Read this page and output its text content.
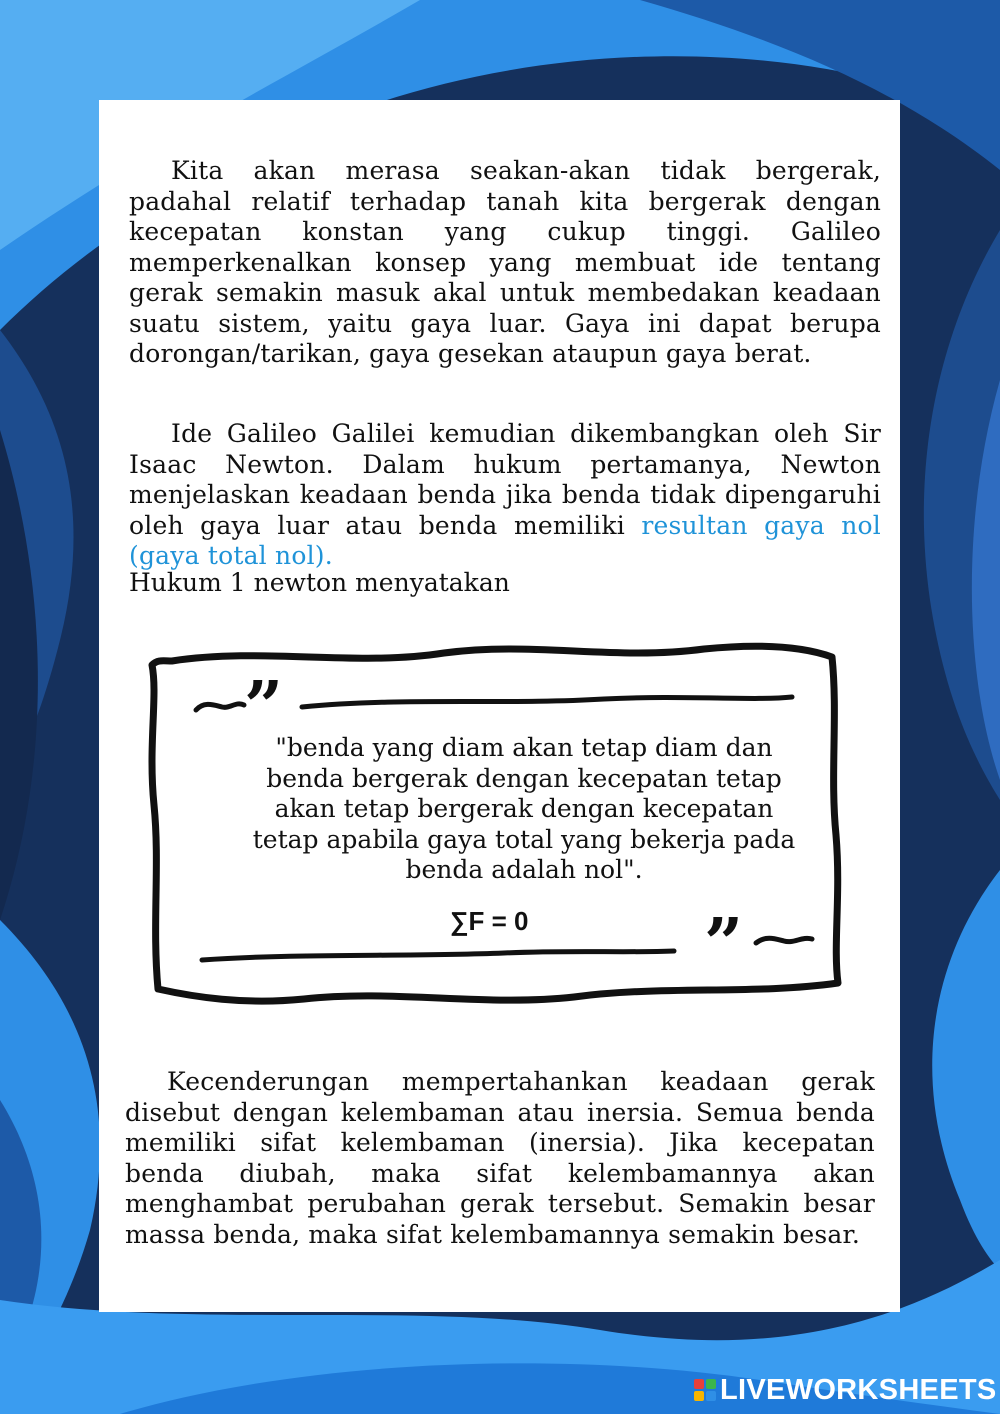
Kita akan merasa seakan-akan tidak bergerak, padahal relatif terhadap tanah kita bergerak dengan kecepatan konstan yang cukup tinggi. Galileo memperkenalkan konsep yang membuat ide tentang gerak semakin masuk akal untuk membedakan keadaan suatu sistem, yaitu gaya luar. Gaya ini dapat berupa dorongan/tarikan, gaya gesekan ataupun gaya berat.

Ide Galileo Galilei kemudian dikembangkan oleh Sir Isaac Newton. Dalam hukum pertamanya, Newton menjelaskan keadaan benda jika benda tidak dipengaruhi oleh gaya luar atau benda memiliki resultan gaya nol (gaya total nol).

Hukum 1 newton menyatakan

”
”

"benda yang diam akan tetap diam dan benda bergerak dengan kecepatan tetap akan tetap bergerak dengan kecepatan tetap apabila gaya total yang bekerja pada benda adalah nol".

∑F = 0

Kecenderungan mempertahankan keadaan gerak disebut dengan kelembaman atau inersia. Semua benda memiliki sifat kelembaman (inersia). Jika kecepatan benda diubah, maka sifat kelembamannya akan menghambat perubahan gerak tersebut. Semakin besar massa benda, maka sifat kelembamannya semakin besar.

LIVEWORKSHEETS
